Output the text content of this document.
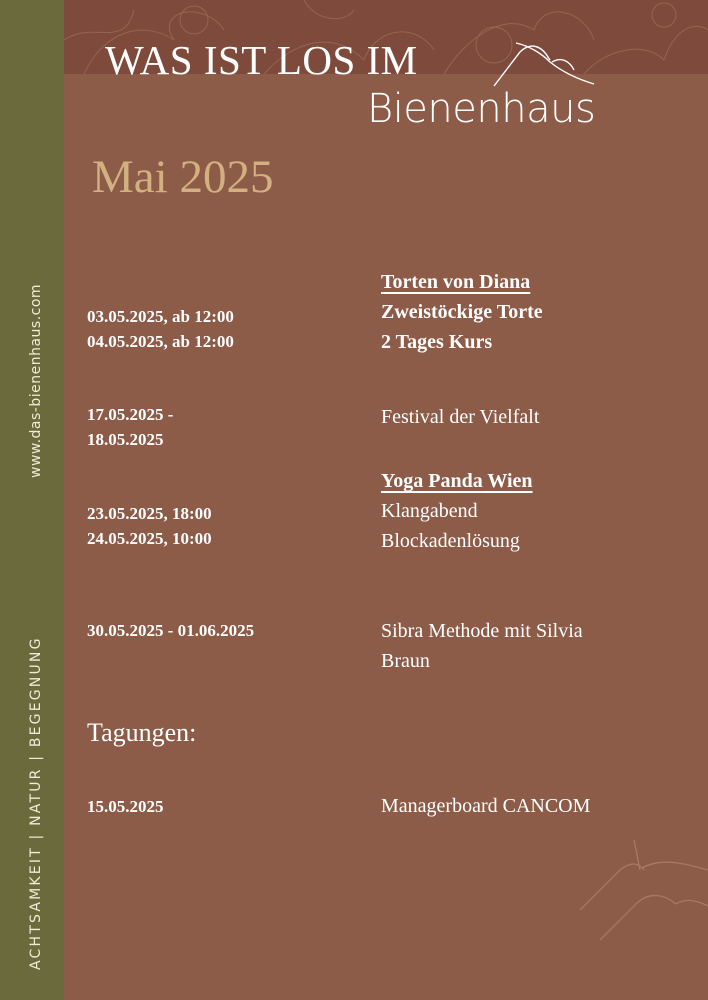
www.das-bienenhaus.com
ACHTSAMKEIT | NATUR | BEGEGNUNG
WAS IST LOS IM
Bienenhaus
Mai 2025
03.05.2025, ab 12:00
04.05.2025, ab 12:00
Torten von Diana
Zweistöckige Torte
2 Tages Kurs
17.05.2025 -
18.05.2025
Festival der Vielfalt
23.05.2025, 18:00
24.05.2025, 10:00
Yoga Panda Wien
Klangabend
Blockadenlösung
30.05.2025 - 01.06.2025	Sibra Methode mit Silvia
Braun
Tagungen:
15.05.2025	Managerboard CANCOM
